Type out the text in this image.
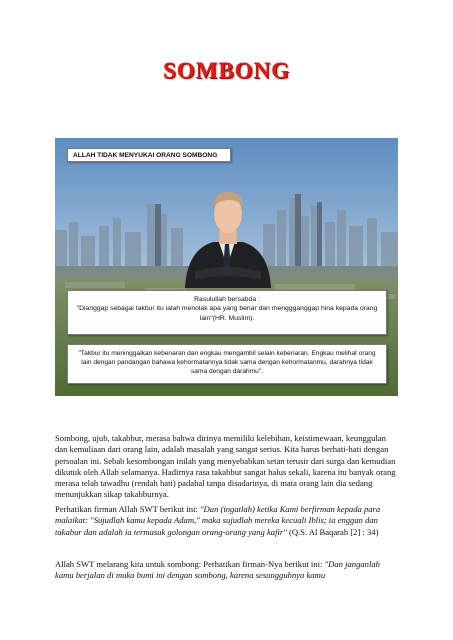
SOMBONG
ALLAH TIDAK MENYUKAI ORANG SOMBONG
Rasulullah bersabda :
"Dianggap sebagai takbur itu ialah menolak apa yang benar dan menggganggap hina kepada orang lain"(HR. Muslim).
"Takbur itu meninggalkan kebenaran dan engkau mengambil selain kebenaran. Engkau melihat orang lain dengan pandangan bahawa kehormatannya tidak sama dengan kehormatanmu, darahnya tidak sama dengan darahmu".

Sombong, ujub, takabbur, merasa bahwa dirinya memiliki kelebihan, keistimewaan, keunggulan dan kemuliaan dari orang lain, adalah masalah yang sangat serius. Kita harus berhati-hati dengan persoalan ini. Sebab kesombongan inilah yang menyebabkan setan terusir dari surga dan kemudian dikutuk oleh Allah selamanya. Hadirnya rasa takabbur sangat halus sekali, karena itu banyak orang merasa telah tawadhu (rendah hati) padahal tanpa disadarinya, di mata orang lain dia sedang menunjukkan sikap takabburnya.

Perhatikan firman Allah SWT berikut ini: "Dan (ingatlah) ketika Kami berfirman kepada para malaikat: "Sujudlah kamu kepada Adam," maka sujudlah mereka kecuali Iblis; ia enggan dan takabur dan adalah ia termasuk golongan orang-orang yang kafir" (Q.S. Al Baqarah [2] : 34)

Allah SWT melarang kita untuk sombong: Perhatikan firman-Nya berikut ini: "Dan janganlah kamu berjalan di muka bumi ini dengan sombong, karena sesungguhnya kamu
